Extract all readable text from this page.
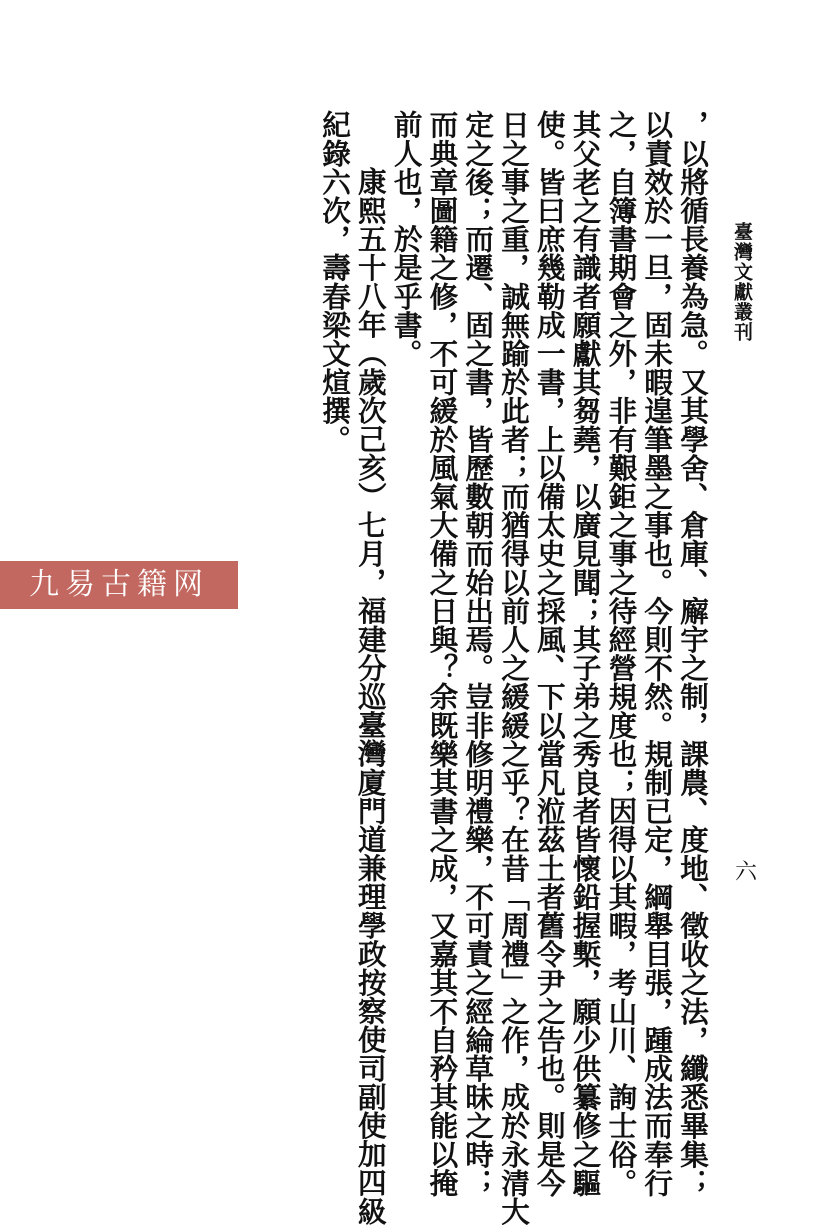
臺灣文獻叢刊
六
，以將循長養為急。又其學舍、倉庫、廨宇之制，課農、度地、徵收之法，纖悉畢集；
以責效於一旦，固未暇遑筆墨之事也。今則不然。規制已定，綱舉目張，踵成法而奉行
之，自簿書期會之外，非有艱鉅之事之待經營規度也；因得以其暇，考山川、詢士俗。
其父老之有識者願獻其芻蕘，以廣見聞；其子弟之秀良者皆懷鉛握槧，願少供纂修之驅
使。皆曰庶幾勒成一書，上以備太史之採風、下以當凡涖茲土者舊令尹之告也。則是今
日之事之重，誠無踰於此者；而猶得以前人之緩緩之乎？在昔「周禮」之作，成於永清大
定之後；而遷、固之書，皆歷數朝而始出焉。豈非修明禮樂，不可責之經綸草昧之時；
而典章圖籍之修，不可緩於風氣大備之日與？余既樂其書之成，又嘉其不自矜其能以掩
前人也，於是乎書。
康熙五十八年（歲次己亥）七月，福建分巡臺灣廈門道兼理學政按察使司副使加四級
紀錄六次，壽春梁文煊撰。
九易古籍网
